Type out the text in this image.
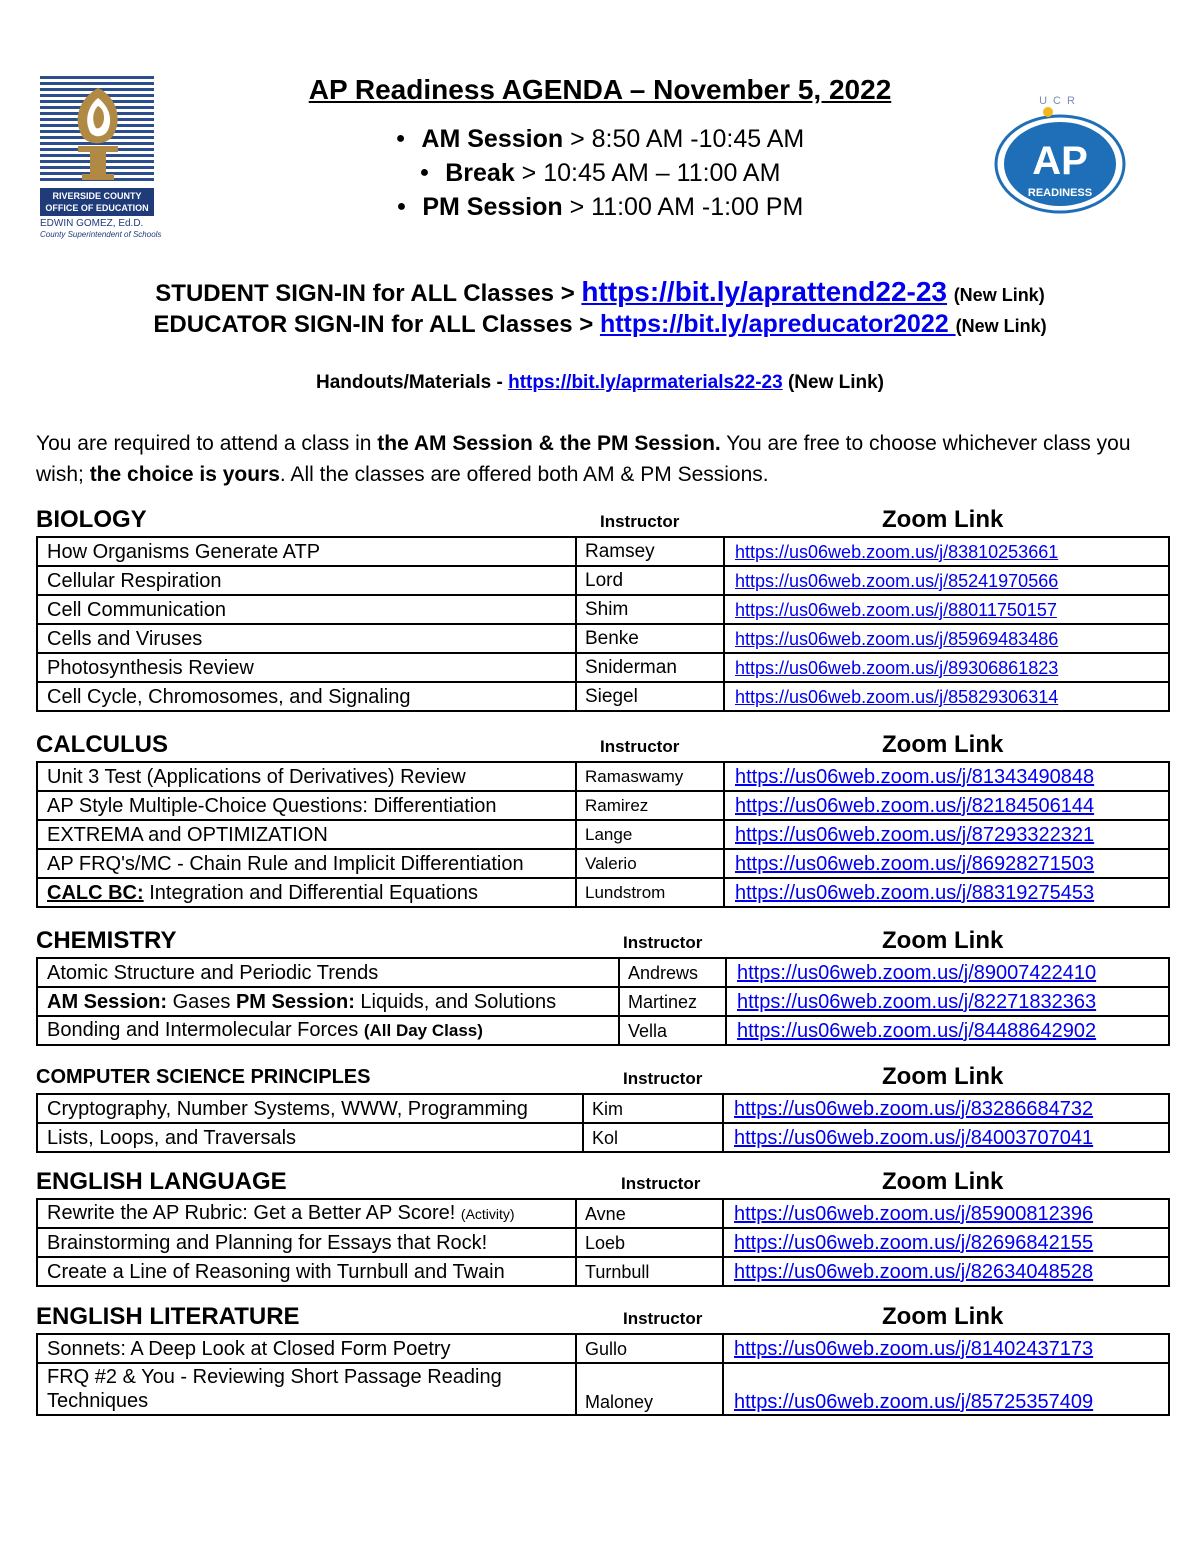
RIVERSIDE COUNTY
OFFICE OF EDUCATION
EDWIN GOMEZ, Ed.D.
County Superintendent of Schools
UCR
AP
READINESS
AP Readiness AGENDA – November 5, 2022
● AM Session > 8:50 AM -10:45 AM
● Break > 10:45 AM – 11:00 AM
● PM Session > 11:00 AM -1:00 PM
STUDENT SIGN-IN for ALL Classes > https://bit.ly/aprattend22-23 (New Link)
EDUCATOR SIGN-IN for ALL Classes > https://bit.ly/apreducator2022 (New Link)
Handouts/Materials - https://bit.ly/aprmaterials22-23 (New Link)
You are required to attend a class in the AM Session & the PM Session. You are free to choose whichever class you wish; the choice is yours. All the classes are offered both AM & PM Sessions.
BIOLOGY	Instructor	Zoom Link
How Organisms Generate ATP	Ramsey	https://us06web.zoom.us/j/83810253661
Cellular Respiration	Lord	https://us06web.zoom.us/j/85241970566
Cell Communication	Shim	https://us06web.zoom.us/j/88011750157
Cells and Viruses	Benke	https://us06web.zoom.us/j/85969483486
Photosynthesis Review	Sniderman	https://us06web.zoom.us/j/89306861823
Cell Cycle, Chromosomes, and Signaling	Siegel	https://us06web.zoom.us/j/85829306314
CALCULUS	Instructor	Zoom Link
Unit 3 Test (Applications of Derivatives) Review	Ramaswamy	https://us06web.zoom.us/j/81343490848
AP Style Multiple-Choice Questions: Differentiation	Ramirez	https://us06web.zoom.us/j/82184506144
EXTREMA and OPTIMIZATION	Lange	https://us06web.zoom.us/j/87293322321
AP FRQ's/MC - Chain Rule and Implicit Differentiation	Valerio	https://us06web.zoom.us/j/86928271503
CALC BC: Integration and Differential Equations	Lundstrom	https://us06web.zoom.us/j/88319275453
CHEMISTRY	Instructor	Zoom Link
Atomic Structure and Periodic Trends	Andrews	https://us06web.zoom.us/j/89007422410
AM Session: Gases PM Session: Liquids, and Solutions	Martinez	https://us06web.zoom.us/j/82271832363
Bonding and Intermolecular Forces (All Day Class)	Vella	https://us06web.zoom.us/j/84488642902
COMPUTER SCIENCE PRINCIPLES	Instructor	Zoom Link
Cryptography, Number Systems, WWW, Programming	Kim	https://us06web.zoom.us/j/83286684732
Lists, Loops, and Traversals	Kol	https://us06web.zoom.us/j/84003707041
ENGLISH LANGUAGE	Instructor	Zoom Link
Rewrite the AP Rubric: Get a Better AP Score! (Activity)	Avne	https://us06web.zoom.us/j/85900812396
Brainstorming and Planning for Essays that Rock!	Loeb	https://us06web.zoom.us/j/82696842155
Create a Line of Reasoning with Turnbull and Twain	Turnbull	https://us06web.zoom.us/j/82634048528
ENGLISH LITERATURE	Instructor	Zoom Link
Sonnets: A Deep Look at Closed Form Poetry	Gullo	https://us06web.zoom.us/j/81402437173
FRQ #2 & You - Reviewing Short Passage Reading Techniques	Maloney	https://us06web.zoom.us/j/85725357409
